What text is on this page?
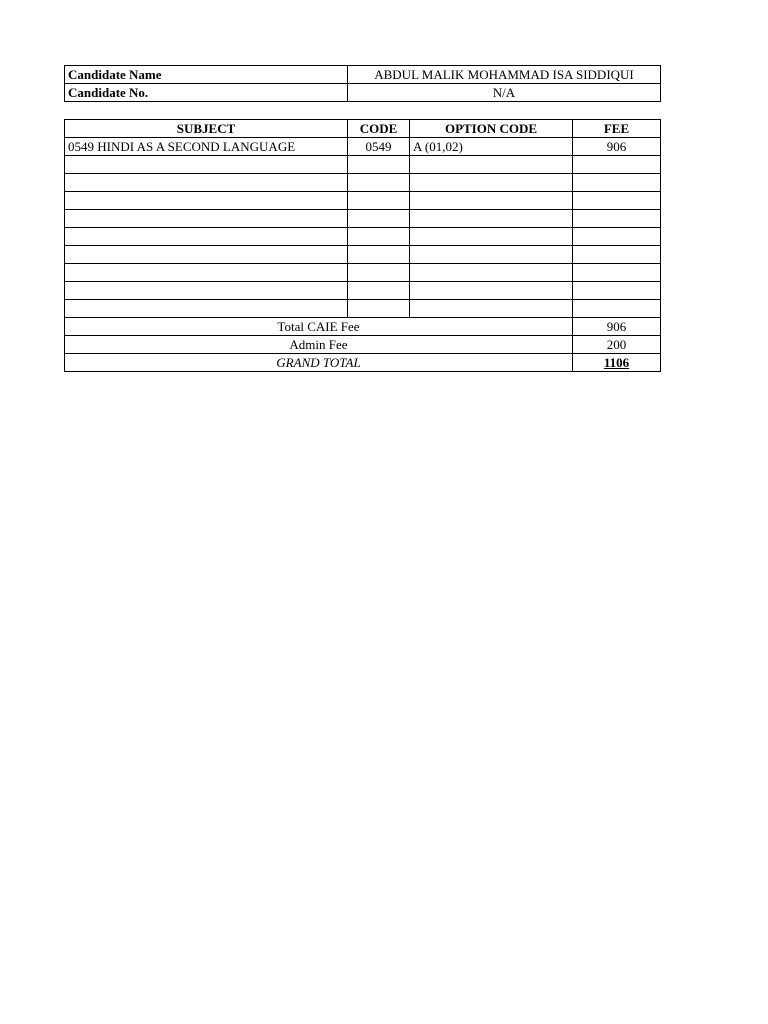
Candidate Name	ABDUL MALIK MOHAMMAD ISA SIDDIQUI
Candidate No.	N/A
SUBJECT	CODE	OPTION CODE	FEE
0549 HINDI AS A SECOND LANGUAGE	0549	A (01,02)	906

Total CAIE Fee			906
Admin Fee			200
GRAND TOTAL			1106
